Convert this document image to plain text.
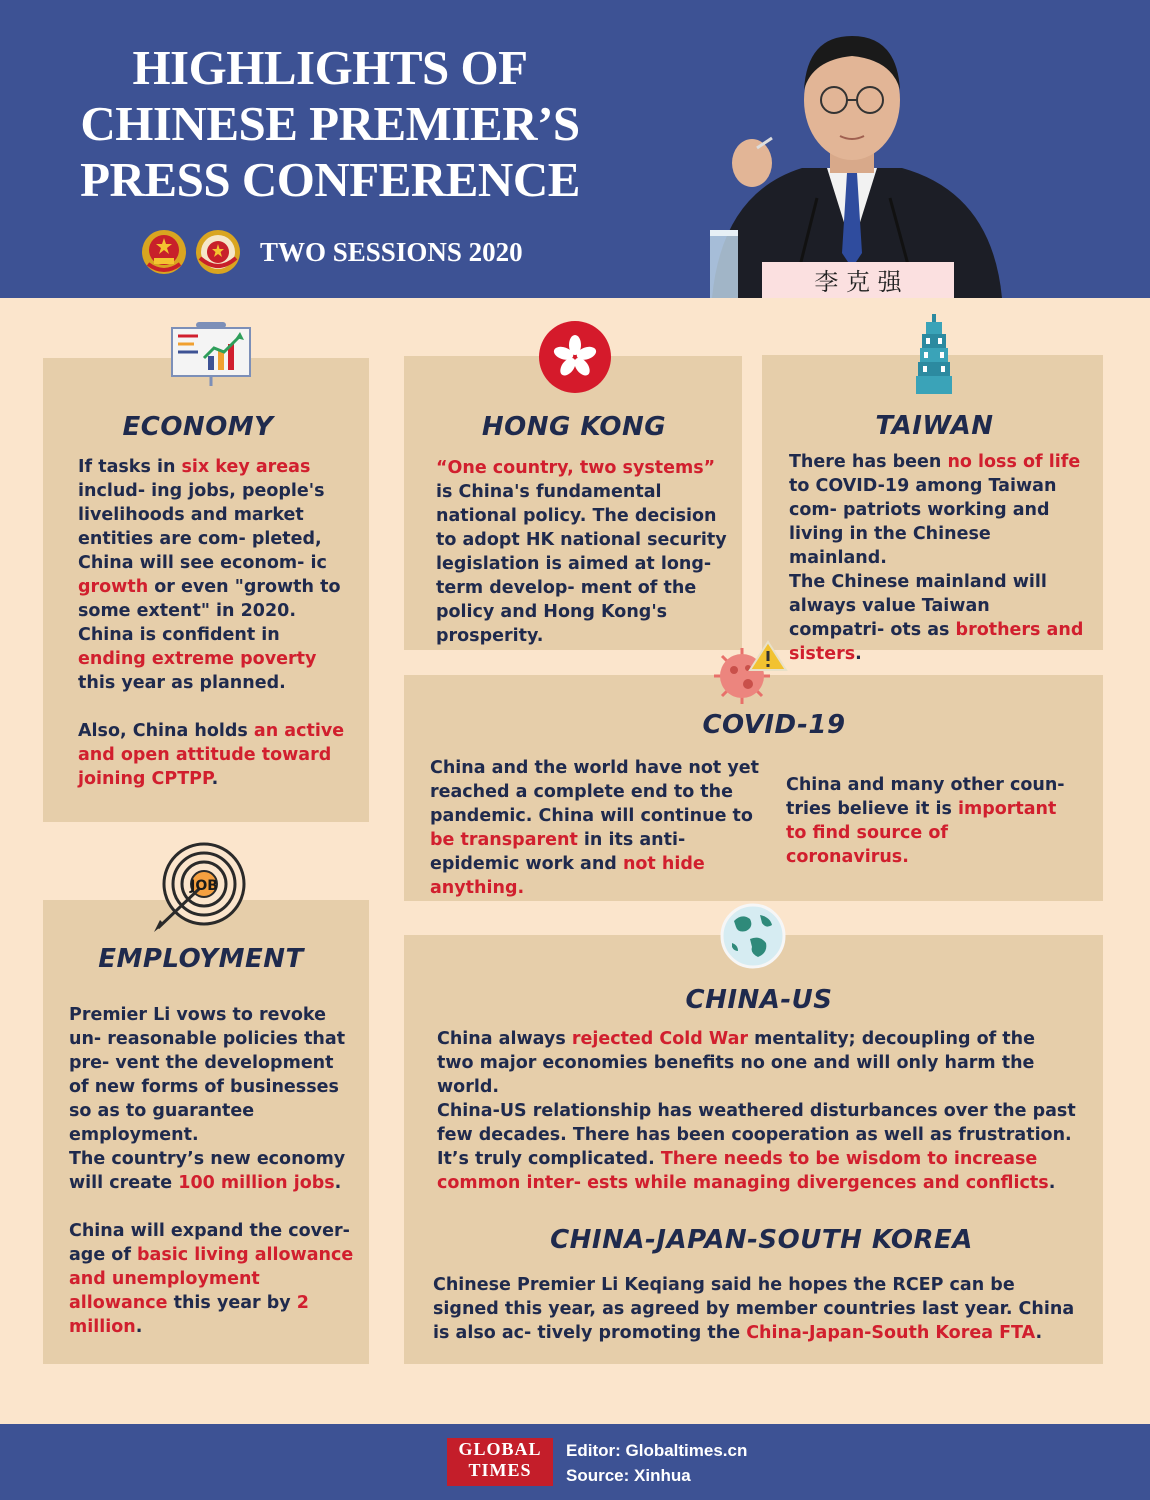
HIGHLIGHTS OF
CHINESE PREMIER’S
PRESS CONFERENCE
TWO SESSIONS 2020
李 克 强
ECONOMY

If tasks in six key areas includ- ing jobs, people's livelihoods and market entities are com- pleted, China will see econom- ic growth or even "growth to some extent" in 2020.

China is confident in ending extreme poverty this year as planned.

Also, China holds an active and open attitude toward joining CPTPP.

HONG KONG

“One country, two systems” is China's fundamental national policy. The decision to adopt HK national security legislation is aimed at long-term develop- ment of the policy and Hong Kong's prosperity.

TAIWAN

There has been no loss of life to COVID-19 among Taiwan com- patriots working and living in the Chinese mainland.

The Chinese mainland will always value Taiwan compatri- ots as brothers and sisters.

COVID-19

China and the world have not yet reached a complete end to the pandemic. China will continue to be transparent in its anti-epidemic work and not hide anything.

China and many other coun- tries believe it is important to find source of coronavirus.

EMPLOYMENT

Premier Li vows to revoke un- reasonable policies that pre- vent the development of new forms of businesses so as to guarantee employment.

The country’s new economy will create 100 million jobs.

China will expand the cover- age of basic living allowance and unemployment allowance this year by 2 million.

JOB
CHINA-US

China always rejected Cold War mentality; decoupling of the two major economies benefits no one and will only harm the world.

China-US relationship has weathered disturbances over the past few decades. There has been cooperation as well as frustration. It’s truly complicated. There needs to be wisdom to increase common inter- ests while managing divergences and conflicts.

CHINA-JAPAN-SOUTH KOREA

Chinese Premier Li Keqiang said he hopes the RCEP can be signed this year, as agreed by member countries last year. China is also ac- tively promoting the China-Japan-South Korea FTA.

GLOBAL
TIMES
Editor: Globaltimes.cn
Source: Xinhua
